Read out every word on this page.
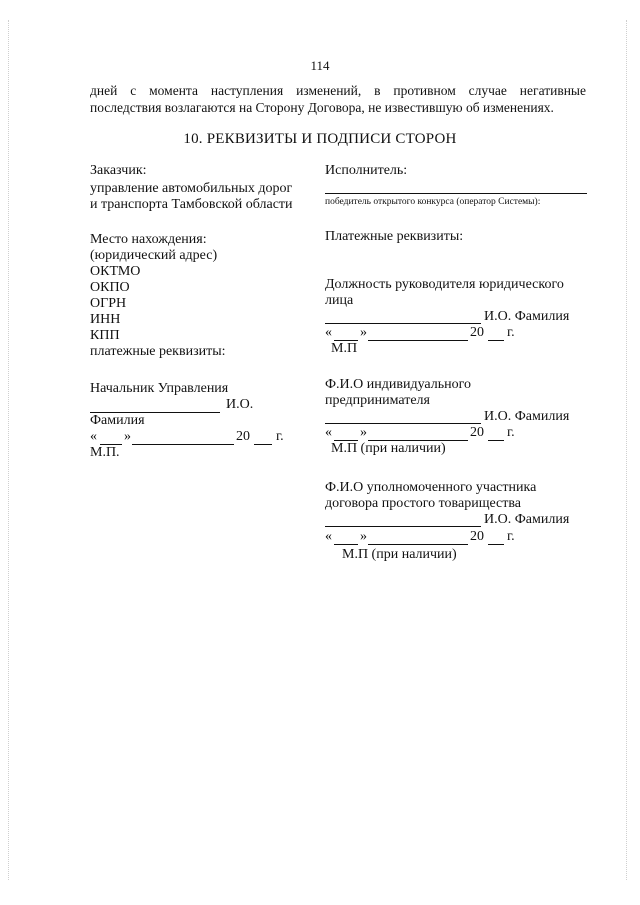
114
дней с момента наступления изменений, в противном случае негативные
последствия возлагаются на Сторону Договора, не известившую об изменениях.
10. РЕКВИЗИТЫ И ПОДПИСИ СТОРОН
Заказчик:
управление автомобильных дорог
и транспорта Тамбовской области
Место нахождения:
(юридический адрес)
ОКТМО
ОКПО
ОГРН
ИНН
КПП
платежные реквизиты:
Начальник Управления
И.О.
Фамилия
« »	20 г.
М.П.
Исполнитель:
победитель открытого конкурса (оператор Системы):
Платежные реквизиты:
Должность руководителя юридического
лица
И.О. Фамилия
« »	20 г.
М.П
Ф.И.О индивидуального
предпринимателя
И.О. Фамилия
« »	20 г.
М.П (при наличии)
Ф.И.О уполномоченного участника
договора простого товарищества
И.О. Фамилия
« »	20 г.
М.П (при наличии)
